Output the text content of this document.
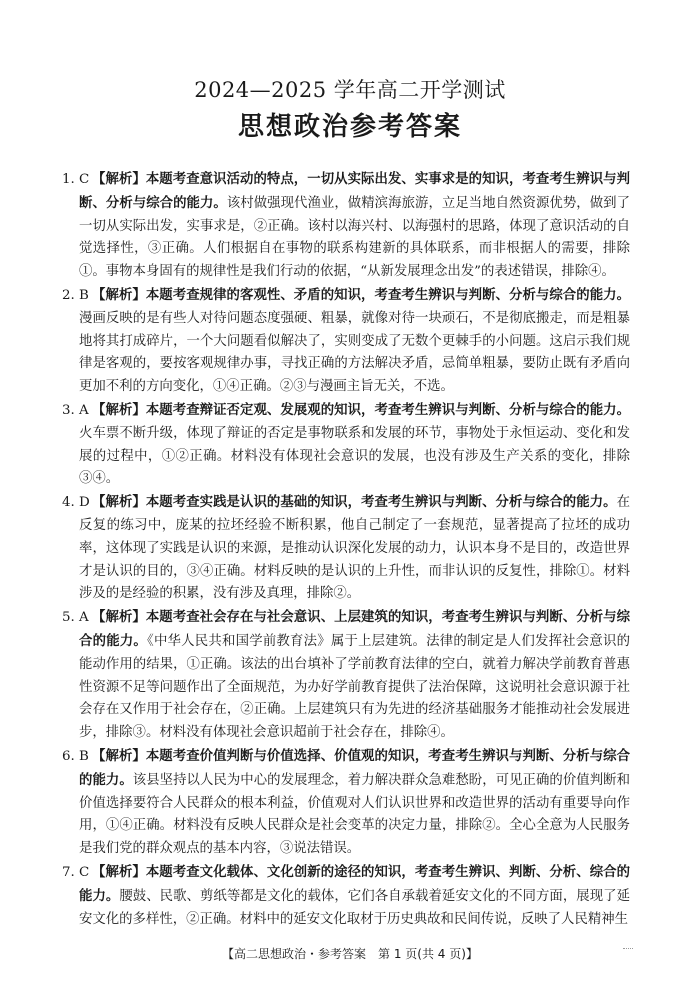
2024—2025 学年高二开学测试
思想政治参考答案
1. C 【解析】本题考查意识活动的特点，一切从实际出发、实事求是的知识，考查考生辨识与判断、分析与综合的能力。该村做强现代渔业，做精滨海旅游，立足当地自然资源优势，做到了一切从实际出发，实事求是，②正确。该村以海兴村、以海强村的思路，体现了意识活动的自觉选择性，③正确。人们根据自在事物的联系构建新的具体联系，而非根据人的需要，排除①。事物本身固有的规律性是我们行动的依据，“从新发展理念出发”的表述错误，排除④。
2. B 【解析】本题考查规律的客观性、矛盾的知识，考查考生辨识与判断、分析与综合的能力。漫画反映的是有些人对待问题态度强硬、粗暴，就像对待一块顽石，不是彻底搬走，而是粗暴地将其打成碎片，一个大问题看似解决了，实则变成了无数个更棘手的小问题。这启示我们规律是客观的，要按客观规律办事，寻找正确的方法解决矛盾，忌简单粗暴，要防止既有矛盾向更加不利的方向变化，①④正确。②③与漫画主旨无关，不选。
3. A 【解析】本题考查辩证否定观、发展观的知识，考查考生辨识与判断、分析与综合的能力。火车票不断升级，体现了辩证的否定是事物联系和发展的环节，事物处于永恒运动、变化和发展的过程中，①②正确。材料没有体现社会意识的发展，也没有涉及生产关系的变化，排除③④。
4. D 【解析】本题考查实践是认识的基础的知识，考查考生辨识与判断、分析与综合的能力。在反复的练习中，庞某的拉坯经验不断积累，他自己制定了一套规范，显著提高了拉坯的成功率，这体现了实践是认识的来源，是推动认识深化发展的动力，认识本身不是目的，改造世界才是认识的目的，③④正确。材料反映的是认识的上升性，而非认识的反复性，排除①。材料涉及的是经验的积累，没有涉及真理，排除②。
5. A 【解析】本题考查社会存在与社会意识、上层建筑的知识，考查考生辨识与判断、分析与综合的能力。《中华人民共和国学前教育法》属于上层建筑。法律的制定是人们发挥社会意识的能动作用的结果，①正确。该法的出台填补了学前教育法律的空白，就着力解决学前教育普惠性资源不足等问题作出了全面规范，为办好学前教育提供了法治保障，这说明社会意识源于社会存在又作用于社会存在，②正确。上层建筑只有为先进的经济基础服务才能推动社会发展进步，排除③。材料没有体现社会意识超前于社会存在，排除④。
6. B 【解析】本题考查价值判断与价值选择、价值观的知识，考查考生辨识与判断、分析与综合的能力。该县坚持以人民为中心的发展理念，着力解决群众急难愁盼，可见正确的价值判断和价值选择要符合人民群众的根本利益，价值观对人们认识世界和改造世界的活动有重要导向作用，①④正确。材料没有反映人民群众是社会变革的决定力量，排除②。全心全意为人民服务是我们党的群众观点的基本内容，③说法错误。
7. C 【解析】本题考查文化载体、文化创新的途径的知识，考查考生辨识、判断、分析、综合的能力。腰鼓、民歌、剪纸等都是文化的载体，它们各自承载着延安文化的不同方面，展现了延安文化的多样性，②正确。材料中的延安文化取材于历史典故和民间传说，反映了人民精神生
【高二思想政治・参考答案　第 1 页(共 4 页)】
